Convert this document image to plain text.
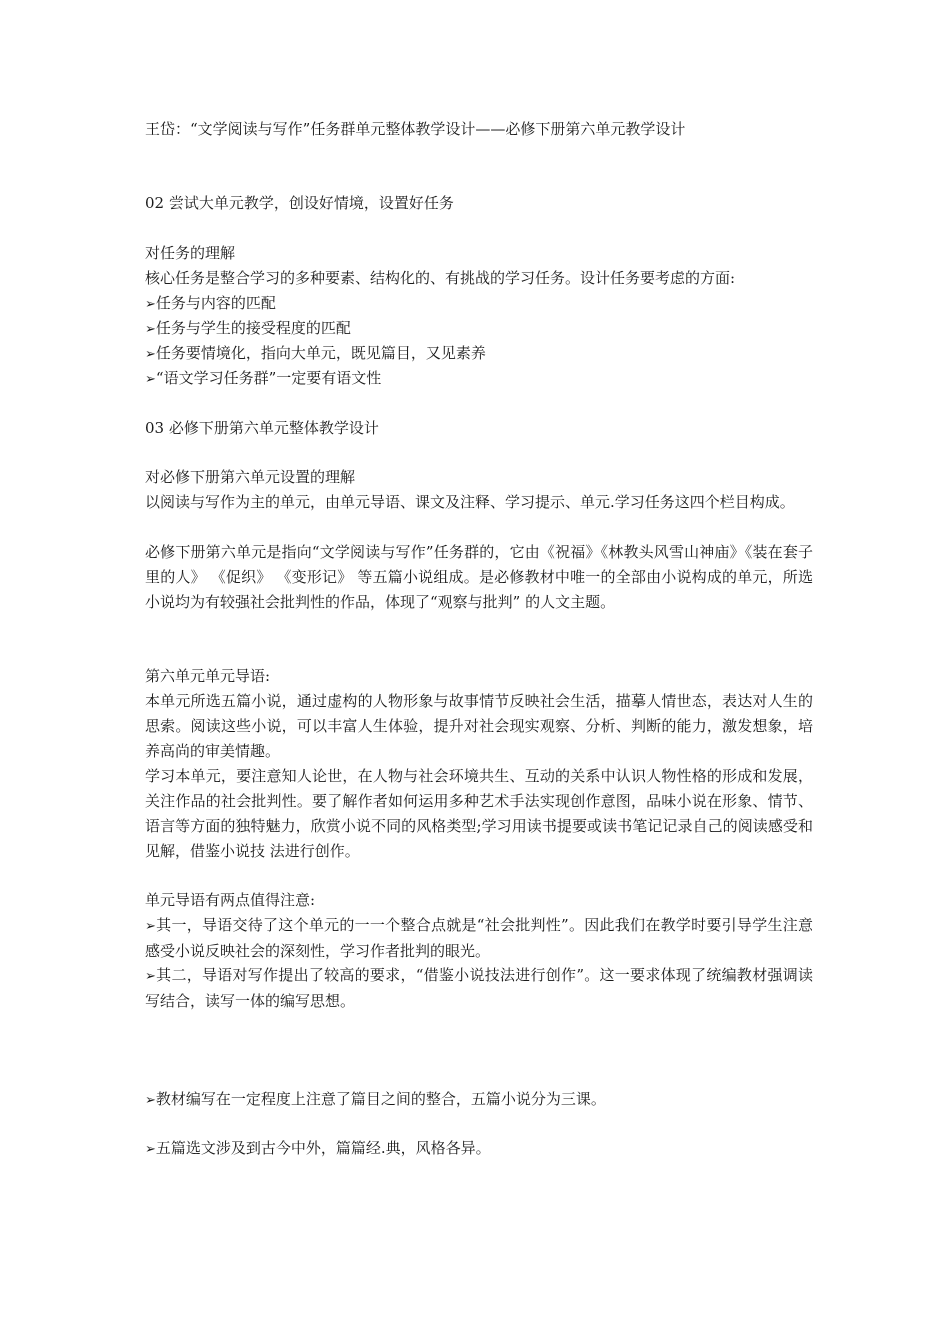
王岱：“文学阅读与写作”任务群单元整体教学设计——必修下册第六单元教学设计
02 尝试大单元教学，创设好情境，设置好任务
对任务的理解
核心任务是整合学习的多种要素、结构化的、有挑战的学习任务。设计任务要考虑的方面:
➢任务与内容的匹配
➢任务与学生的接受程度的匹配
➢任务要情境化，指向大单元，既见篇目，又见素养
➢“语文学习任务群”一定要有语文性
03 必修下册第六单元整体教学设计
对必修下册第六单元设置的理解
以阅读与写作为主的单元，由单元导语、课文及注释、学习提示、单元.学习任务这四个栏目构成。
必修下册第六单元是指向“文学阅读与写作”任务群的，它由《祝福》《林教头风雪山神庙》《装在套子里的人》 《促织》 《变形记》 等五篇小说组成。是必修教材中唯一的全部由小说构成的单元，所选小说均为有较强社会批判性的作品，体现了“观察与批判” 的人文主题。
第六单元单元导语:
本单元所选五篇小说，通过虚构的人物形象与故事情节反映社会生活，描摹人情世态，表达对人生的思索。阅读这些小说，可以丰富人生体验，提升对社会现实观察、分析、判断的能力，激发想象，培养高尚的审美情趣。
学习本单元，要注意知人论世，在人物与社会环境共生、互动的关系中认识人物性格的形成和发展，关注作品的社会批判性。要了解作者如何运用多种艺术手法实现创作意图，品味小说在形象、情节、语言等方面的独特魅力，欣赏小说不同的风格类型;学习用读书提要或读书笔记记录自己的阅读感受和见解，借鉴小说技 法进行创作。
单元导语有两点值得注意:
➢其一，导语交待了这个单元的一一个整合点就是“社会批判性”。因此我们在教学时要引导学生注意感受小说反映社会的深刻性，学习作者批判的眼光。
➢其二，导语对写作提出了较高的要求，“借鉴小说技法进行创作”。这一要求体现了统编教材强调读写结合，读写一体的编写思想。
➢教材编写在一定程度上注意了篇目之间的整合，五篇小说分为三课。
➢五篇选文涉及到古今中外，篇篇经.典，风格各异。
